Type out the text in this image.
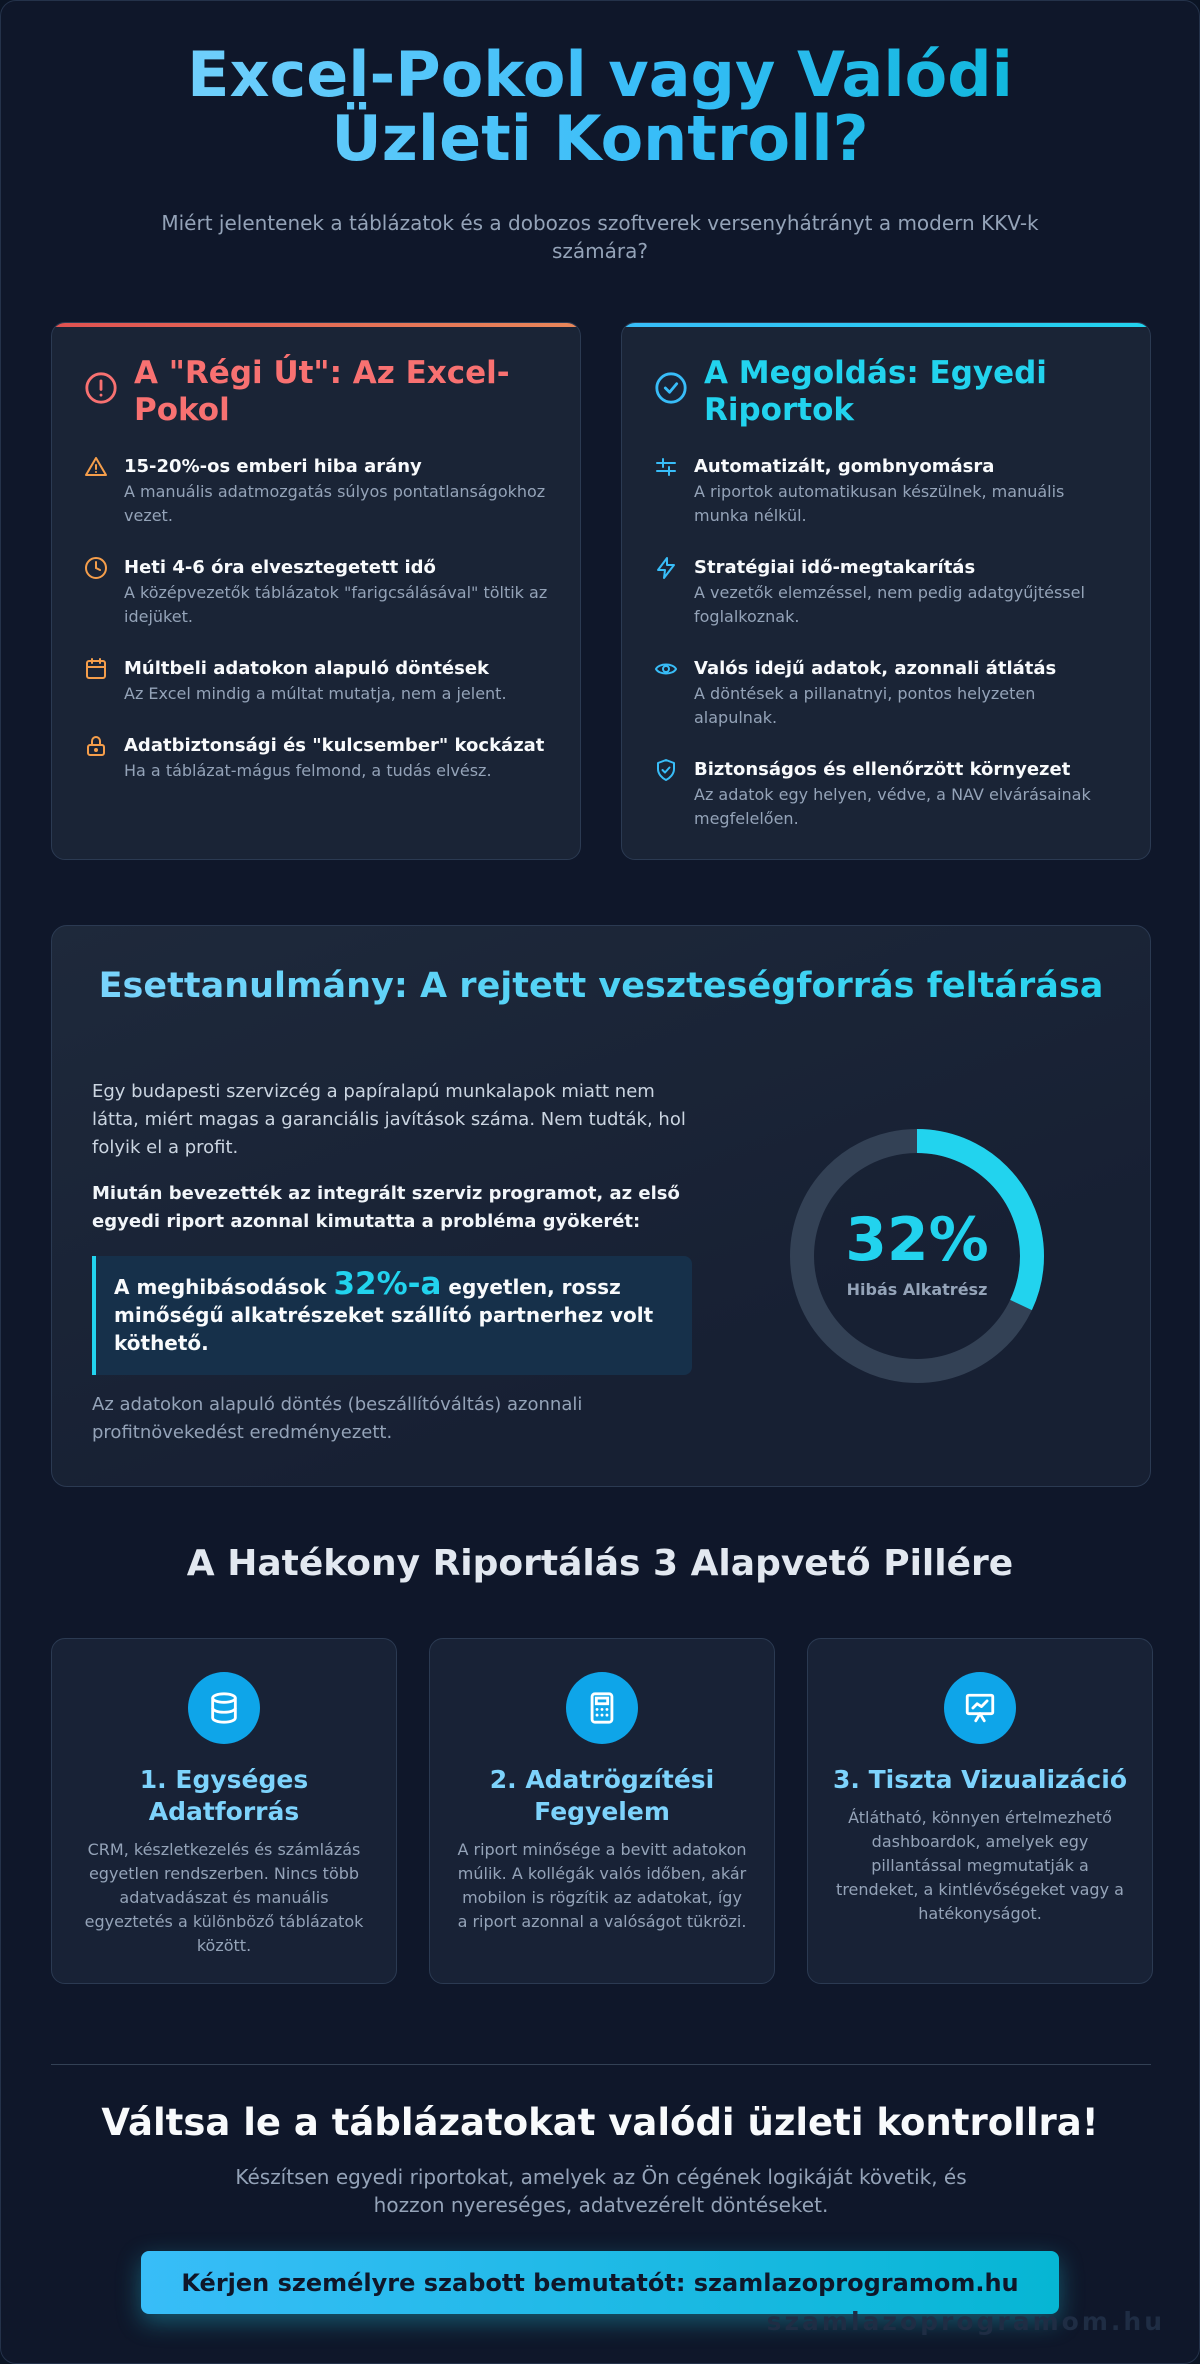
Excel-Pokol vagy Valódi Üzleti Kontroll?

Miért jelentenek a táblázatok és a dobozos szoftverek versenyhátrányt a modern KKV-k számára?

A "Régi Út": Az Excel-Pokol
15-20%-os emberi hiba arány
A manuális adatmozgatás súlyos pontatlanságokhoz vezet.
Heti 4-6 óra elvesztegetett idő
A középvezetők táblázatok "farigcsálásával" töltik az idejüket.
Múltbeli adatokon alapuló döntések
Az Excel mindig a múltat mutatja, nem a jelent.
Adatbiztonsági és "kulcsember" kockázat
Ha a táblázat-mágus felmond, a tudás elvész.
A Megoldás: Egyedi Riportok
Automatizált, gombnyomásra
A riportok automatikusan készülnek, manuális munka nélkül.
Stratégiai idő-megtakarítás
A vezetők elemzéssel, nem pedig adatgyűjtéssel foglalkoznak.
Valós idejű adatok, azonnali átlátás
A döntések a pillanatnyi, pontos helyzeten alapulnak.
Biztonságos és ellenőrzött környezet
Az adatok egy helyen, védve, a NAV elvárásainak megfelelően.
Esettanulmány: A rejtett veszteségforrás feltárása

Egy budapesti szervizcég a papíralapú munkalapok miatt nem látta, miért magas a garanciális javítások száma. Nem tudták, hol folyik el a profit.

Miután bevezették az integrált szerviz programot, az első egyedi riport azonnal kimutatta a probléma gyökerét:

A meghibásodások 32%-a egyetlen, rossz minőségű alkatrészeket szállító partnerhez volt köthető.

Az adatokon alapuló döntés (beszállítóváltás) azonnali profitnövekedést eredményezett.

32%
Hibás Alkatrész
A Hatékony Riportálás 3 Alapvető Pillére
1. Egységes Adatforrás

CRM, készletkezelés és számlázás egyetlen rendszerben. Nincs több adatvadászat és manuális egyeztetés a különböző táblázatok között.

2. Adatrögzítési Fegyelem

A riport minősége a bevitt adatokon múlik. A kollégák valós időben, akár mobilon is rögzítik az adatokat, így a riport azonnal a valóságot tükrözi.

3. Tiszta Vizualizáció

Átlátható, könnyen értelmezhető dashboardok, amelyek egy pillantással megmutatják a trendeket, a kintlévőségeket vagy a hatékonyságot.

Váltsa le a táblázatokat valódi üzleti kontrollra!

Készítsen egyedi riportokat, amelyek az Ön cégének logikáját követik, és hozzon nyereséges, adatvezérelt döntéseket.

Kérjen személyre szabott bemutatót: szamlazoprogramom.hu
szamlazoprogramom.hu
